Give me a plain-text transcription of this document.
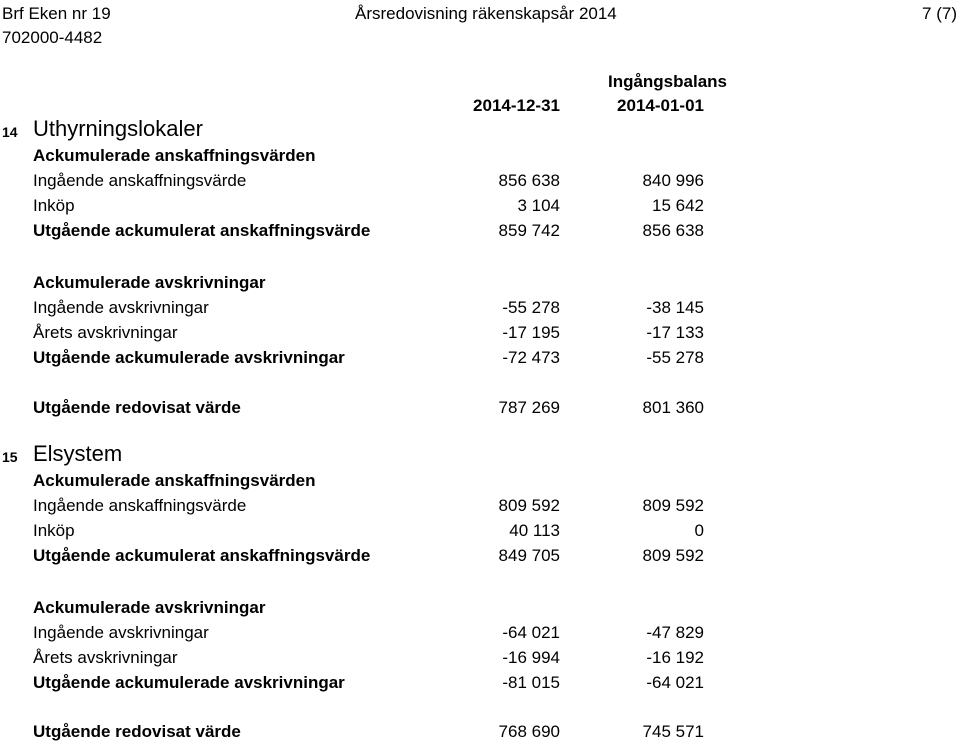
Brf Eken nr 19
702000-4482
Årsredovisning räkenskapsår 2014	7 (7)
Ingångsbalans
2014-12-31	2014-01-01
14 Uthyrningslokaler
Ackumulerade anskaffningsvärden
Ingående anskaffningsvärde	856 638	840 996
Inköp	3 104	15 642
Utgående ackumulerat anskaffningsvärde	859 742	856 638
Ackumulerade avskrivningar
Ingående avskrivningar	-55 278	-38 145
Årets avskrivningar	-17 195	-17 133
Utgående ackumulerade avskrivningar	-72 473	-55 278
Utgående redovisat värde	787 269	801 360
15 Elsystem
Ackumulerade anskaffningsvärden
Ingående anskaffningsvärde	809 592	809 592
Inköp	40 113	0
Utgående ackumulerat anskaffningsvärde	849 705	809 592
Ackumulerade avskrivningar
Ingående avskrivningar	-64 021	-47 829
Årets avskrivningar	-16 994	-16 192
Utgående ackumulerade avskrivningar	-81 015	-64 021
Utgående redovisat värde	768 690	745 571
